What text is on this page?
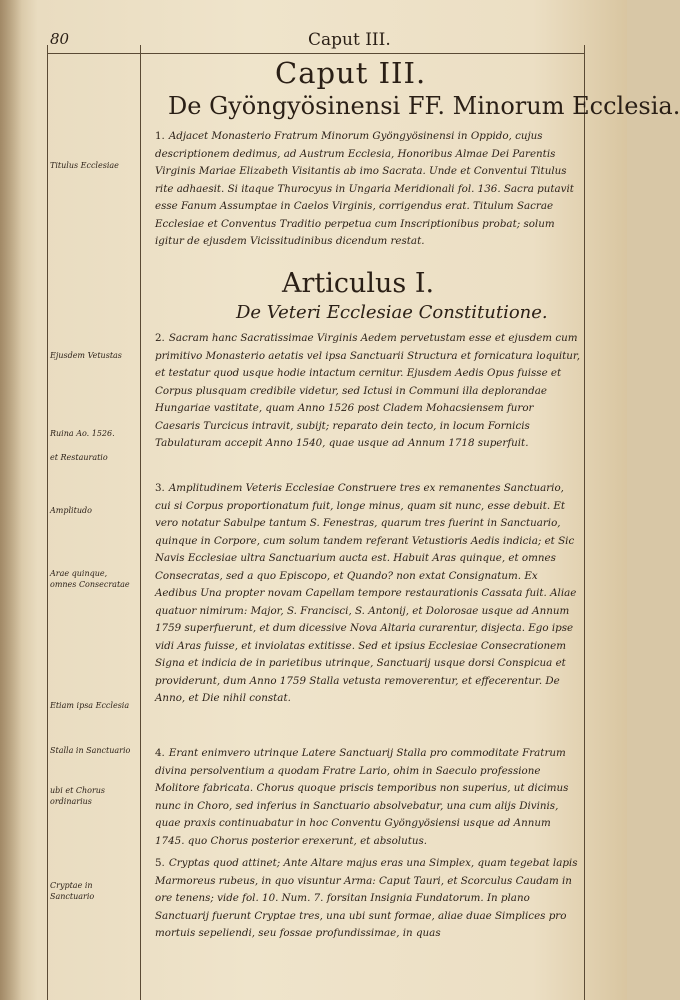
80	Caput III.
Caput III.
De Gyöngyösinensi FF. Minorum Ecclesia.

1. Adjacet Monasterio Fratrum Minorum Gyöngyösinensi in Oppido, cujus descriptionem dedimus, ad Austrum Ecclesia, Honoribus Almae Dei Parentis Virginis Mariae Elizabeth Visitantis ab imo Sacrata. Unde et Conventui Titulus rite adhaesit. Si itaque Thurocyus in Ungaria Meridionali fol. 136. Sacra putavit esse Fanum Assumptae in Caelos Virginis, corrigendus erat. Titulum Sacrae Ecclesiae et Conventus Traditio perpetua cum Inscriptionibus probat; solum igitur de ejusdem Vicissitudinibus dicendum restat.

Articulus I.
De Veteri Ecclesiae Constitutione.

2. Sacram hanc Sacratissimae Virginis Aedem pervetustam esse et ejusdem cum primitivo Monasterio aetatis vel ipsa Sanctuarii Structura et fornicatura loquitur, et testatur quod usque hodie intactum cernitur. Ejusdem Aedis Opus fuisse et Corpus plusquam credibile videtur, sed Ictusi in Communi illa deplorandae Hungariae vastitate, quam Anno 1526 post Cladem Mohacsiensem furor Caesaris Turcicus intravit, subijt; reparato dein tecto, in locum Fornicis Tabulaturam accepit Anno 1540, quae usque ad Annum 1718 superfuit.

3. Amplitudinem Veteris Ecclesiae Construere tres ex remanentes Sanctuario, cui si Corpus proportionatum fuit, longe minus, quam sit nunc, esse debuit. Et vero notatur Sabulpe tantum S. Fenestras, quarum tres fuerint in Sanctuario, quinque in Corpore, cum solum tandem referant Vetustioris Aedis indicia; et Sic Navis Ecclesiae ultra Sanctuarium aucta est. Habuit Aras quinque, et omnes Consecratas, sed a quo Episcopo, et Quando? non extat Consignatum. Ex Aedibus Una propter novam Capellam tempore restaurationis Cassata fuit. Aliae quatuor nimirum: Major, S. Francisci, S. Antonij, et Dolorosae usque ad Annum 1759 superfuerunt, et dum dicessive Nova Altaria curarentur, disjecta. Ego ipse vidi Aras fuisse, et inviolatas extitisse. Sed et ipsius Ecclesiae Consecrationem Signa et indicia de in parietibus utrinque, Sanctuarij usque dorsi Conspicua et providerunt, dum Anno 1759 Stalla vetusta removerentur, et effecerentur. De Anno, et Die nihil constat.

4. Erant enimvero utrinque Latere Sanctuarij Stalla pro commoditate Fratrum divina persolventium a quodam Fratre Lario, ohim in Saeculo professione Molitore fabricata. Chorus quoque priscis temporibus non superius, ut dicimus nunc in Choro, sed inferius in Sanctuario absolvebatur, una cum alijs Divinis, quae praxis continuabatur in hoc Conventu Gyöngyösiensi usque ad Annum 1745. quo Chorus posterior erexerunt, et absolutus.

5. Cryptas quod attinet; Ante Altare majus eras una Simplex, quam tegebat lapis Marmoreus rubeus, in quo visuntur Arma: Caput Tauri, et Scorculus Caudam in ore tenens; vide fol. 10. Num. 7. forsitan Insignia Fundatorum. In plano Sanctuarij fuerunt Cryptae tres, una ubi sunt formae, aliae duae Simplices pro mortuis sepeliendi, seu fossae profundissimae, in quas

Titulus Ecclesiae
Ejusdem Vetustas
Ruina Ao. 1526.
et Restauratio
Amplitudo
Arae quinque, omnes Consecratae
Etiam ipsa Ecclesia
Stalla in Sanctuario
ubi et Chorus ordinarius
Cryptae in Sanctuario
